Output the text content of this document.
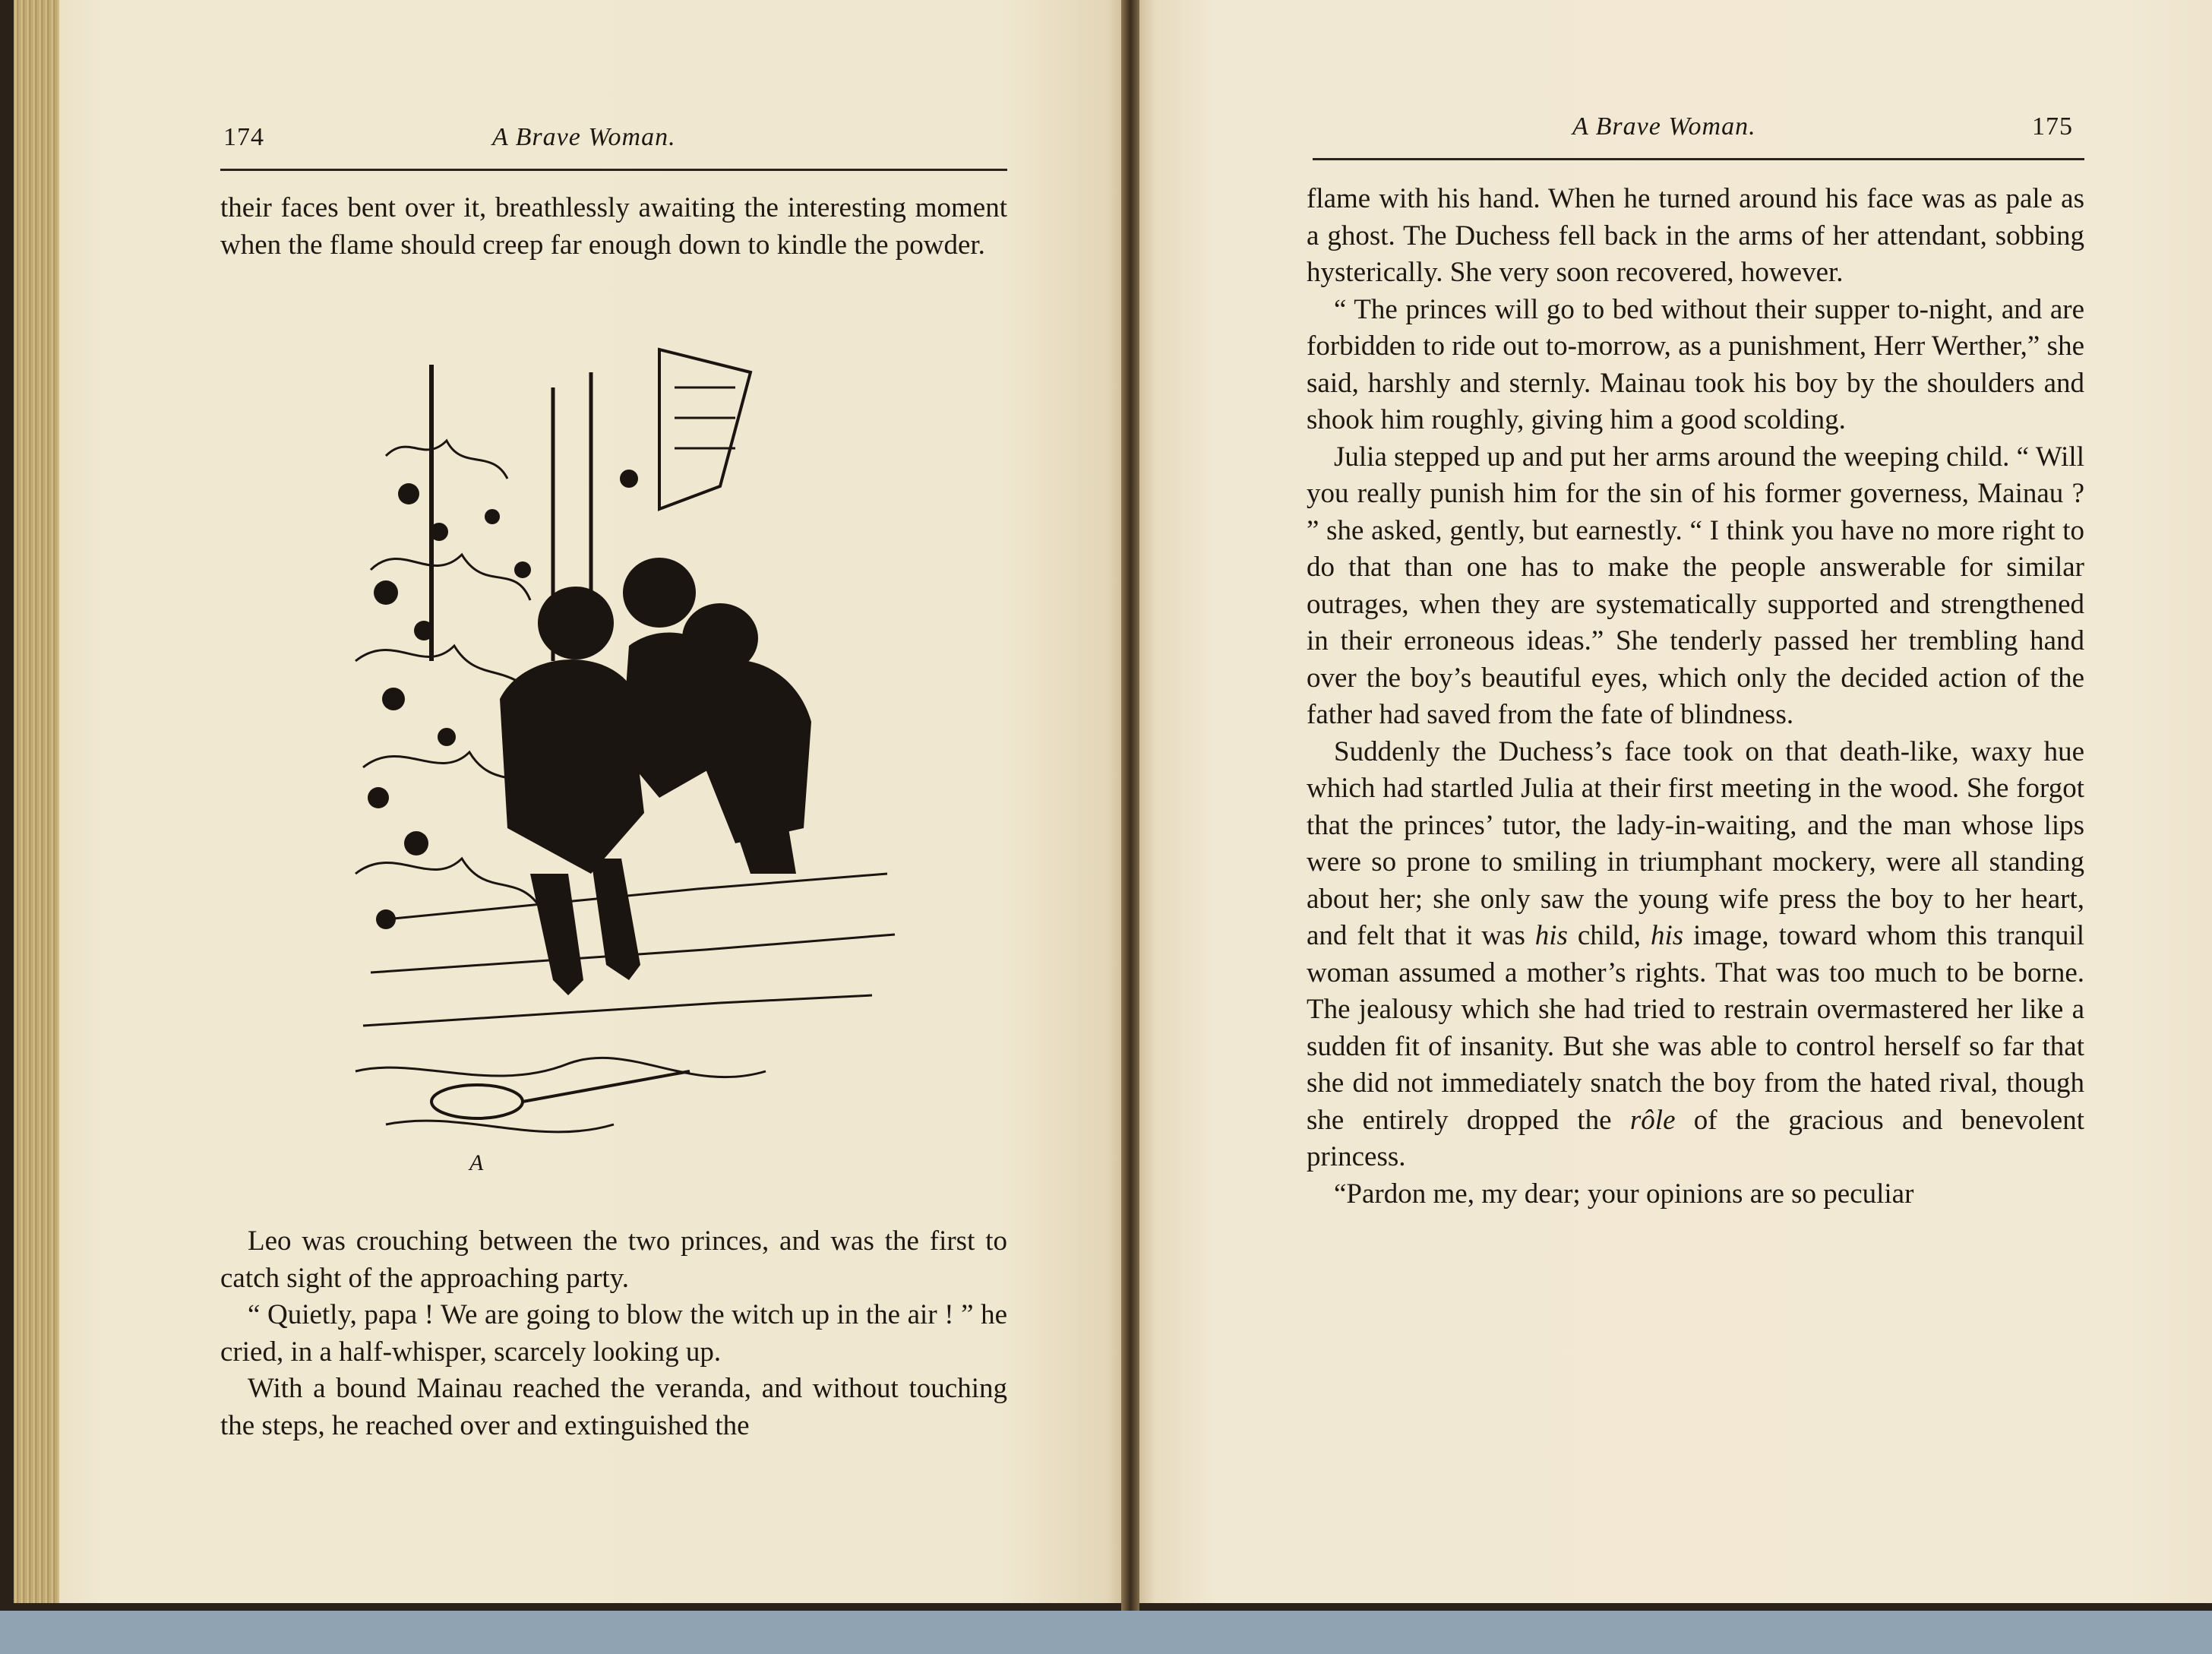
174	A Brave Woman.

their faces bent over it, breathlessly awaiting the interesting moment when the flame should creep far enough down to kindle the powder.

A

Leo was crouching between the two princes, and was the first to catch sight of the approaching party.

“ Quietly, papa ! We are going to blow the witch up in the air ! ” he cried, in a half-whisper, scarcely looking up.

With a bound Mainau reached the veranda, and without touching the steps, he reached over and extinguished the

A Brave Woman.	175

flame with his hand. When he turned around his face was as pale as a ghost. The Duchess fell back in the arms of her attendant, sobbing hysterically. She very soon recovered, however.

“ The princes will go to bed without their supper to-night, and are forbidden to ride out to-morrow, as a punishment, Herr Werther,” she said, harshly and sternly. Mainau took his boy by the shoulders and shook him roughly, giving him a good scolding.

Julia stepped up and put her arms around the weeping child. “ Will you really punish him for the sin of his former governess, Mainau ? ” she asked, gently, but earnestly. “ I think you have no more right to do that than one has to make the people answerable for similar outrages, when they are systematically supported and strengthened in their erroneous ideas.” She tenderly passed her trembling hand over the boy’s beautiful eyes, which only the decided action of the father had saved from the fate of blindness.

Suddenly the Duchess’s face took on that death-like, waxy hue which had startled Julia at their first meeting in the wood. She forgot that the princes’ tutor, the lady-in-waiting, and the man whose lips were so prone to smiling in triumphant mockery, were all standing about her; she only saw the young wife press the boy to her heart, and felt that it was his child, his image, toward whom this tranquil woman assumed a mother’s rights. That was too much to be borne. The jealousy which she had tried to restrain overmastered her like a sudden fit of insanity. But she was able to control herself so far that she did not immediately snatch the boy from the hated rival, though she entirely dropped the rôle of the gracious and benevolent princess.

“Pardon me, my dear; your opinions are so peculiar
